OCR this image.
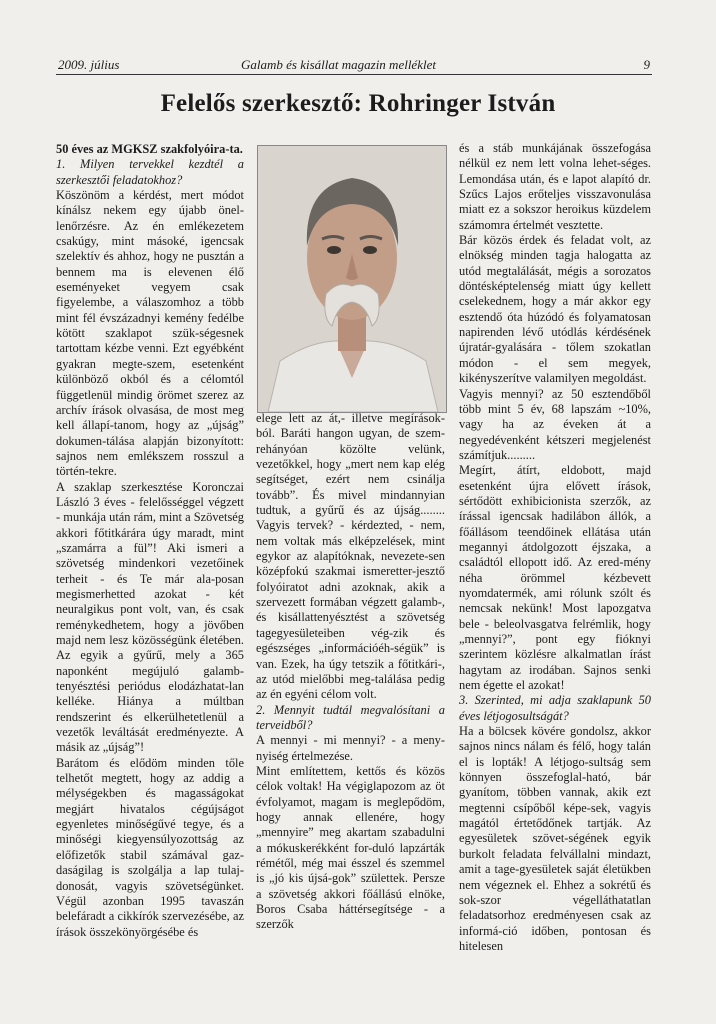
2009. július	Galamb és kisállat magazin melléklet	9
Felelős szerkesztő: Rohringer István

50 éves az MGKSZ szakfolyóira-ta.

1. Milyen tervekkel kezdtél a szerkesztői feladatokhoz?

Köszönöm a kérdést, mert módot kínálsz nekem egy újabb önel-lenőrzésre. Az én emlékezetem csakúgy, mint másoké, igencsak szelektív és ahhoz, hogy ne pusztán a bennem ma is elevenen élő eseményeket vegyem csak figyelembe, a válaszomhoz a több mint fél évszázadnyi kemény fedélbe kötött szaklapot szük-ségesnek tartottam kézbe venni. Ezt egyébként gyakran megte-szem, esetenként különböző okból és a célomtól függetlenül mindig örömet szerez az archív írások olvasása, de most meg kell állapí-tanom, hogy az „újság” dokumen-tálása alapján bizonyított: sajnos nem emlékszem rosszul a történ-tekre.

A szaklap szerkesztése Koronczai László 3 éves - felelősséggel végzett - munkája után rám, mint a Szövetség akkori főtitkárára úgy maradt, mint „szamárra a fül”! Aki ismeri a szövetség mindenkori vezetőinek terheit - és Te már ala-posan megismerhetted azokat - két neuralgikus pont volt, van, és csak reménykedhetem, hogy a jövőben majd nem lesz közösségünk életében. Az egyik a gyűrű, mely a 365 naponként megújuló galamb-tenyésztési periódus elodázhatat-lan kelléke. Hiánya a múltban rendszerint és elkerülhetetlenül a vezetők leváltását eredményezte. A másik az „újság”!

Barátom és elődöm minden tőle telhetőt megtett, hogy az addig a mélységekben és magasságokat megjárt hivatalos cégújságot egyenletes minőségűvé tegye, és a minőségi kiegyensúlyozottság az előfizetők stabil számával gaz-daságilag is szolgálja a lap tulaj-donosát, vagyis szövetségünket. Végül azonban 1995 tavaszán belefáradt a cikkírók szervezésébe, az írások összekönyörgésébe és

elege lett az át,- illetve megírások-ból. Baráti hangon ugyan, de szem-rehányóan közölte velünk, vezetőkkel, hogy „mert nem kap elég segítséget, ezért nem csinálja tovább”. És mivel mindannyian tudtuk, a gyűrű és az újság........ Vagyis tervek? - kérdezted, - nem, nem voltak más elképzelések, mint egykor az alapítóknak, nevezete-sen középfokú szakmai ismeretter-jesztő folyóiratot adni azoknak, akik a szervezett formában végzett galamb-, és kisállattenyésztést a szövetség tagegyesületeiben vég-zik és egészséges „információéh-ségük” is van. Ezek, ha úgy tetszik a főtitkári-, az utód mielőbbi meg-találása pedig az én egyéni célom volt.

2. Mennyit tudtál megvalósítani a terveidből?

A mennyi - mi mennyi? - a meny-nyiség értelmezése.

Mint említettem, kettős és közös célok voltak! Ha végiglapozom az öt évfolyamot, magam is meglepődöm, hogy annak ellenére, hogy „mennyire” meg akartam szabadulni a mókuskerékként for-duló lapzárták rémétől, még mai ésszel és szemmel is „jó kis újsá-gok” születtek. Persze a szövetség akkori főállású elnöke, Boros Csaba háttérsegítsége - a szerzők

és a stáb munkájának összefogása nélkül ez nem lett volna lehet-séges. Lemondása után, és e lapot alapító dr. Szűcs Lajos erőteljes visszavonulása miatt ez a sokszor heroikus küzdelem számomra értelmét vesztette.

Bár közös érdek és feladat volt, az elnökség minden tagja halogatta az utód megtalálását, mégis a sorozatos döntésképtelenség miatt úgy kellett cselekednem, hogy a már akkor egy esztendő óta húzódó és folyamatosan napirenden lévő utódlás kérdésének újratár-gyalására - tőlem szokatlan módon - el sem megyek, kikényszerítve valamilyen megoldást.

Vagyis mennyi? az 50 esztendőből több mint 5 év, 68 lapszám ~10%, vagy ha az éveken át a negyedévenként kétszeri megjelenést számítjuk.........

Megírt, átírt, eldobott, majd esetenként újra elővett írások, sértődött exhibicionista szerzők, az írással igencsak hadilábon állók, a főállásom teendőinek ellátása után megannyi átdolgozott éjszaka, a családtól ellopott idő. Az ered-mény néha örömmel kézbevett nyomdatermék, ami rólunk szólt és nemcsak nekünk! Most lapozgatva bele - beleolvasgatva felrémlik, hogy „mennyi?”, pont egy fióknyi szerintem közlésre alkalmatlan írást hagytam az irodában. Sajnos senki nem égette el azokat!

3. Szerinted, mi adja szaklapunk 50 éves létjogosultságát?

Ha a bölcsek kövére gondolsz, akkor sajnos nincs nálam és félő, hogy talán el is lopták! A létjogo-sultság sem könnyen összefoglal-ható, bár gyanítom, többen vannak, akik ezt megtenni csípőből képe-sek, vagyis magától értetődőnek tartják. Az egyesületek szövet-ségének egyik burkolt feladata felvállalni mindazt, amit a tage-gyesületek saját életükben nem végeznek el. Ehhez a sokrétű és sok-szor végelláthatatlan feladatsorhoz eredményesen csak az informá-ció időben, pontosan és hitelesen
